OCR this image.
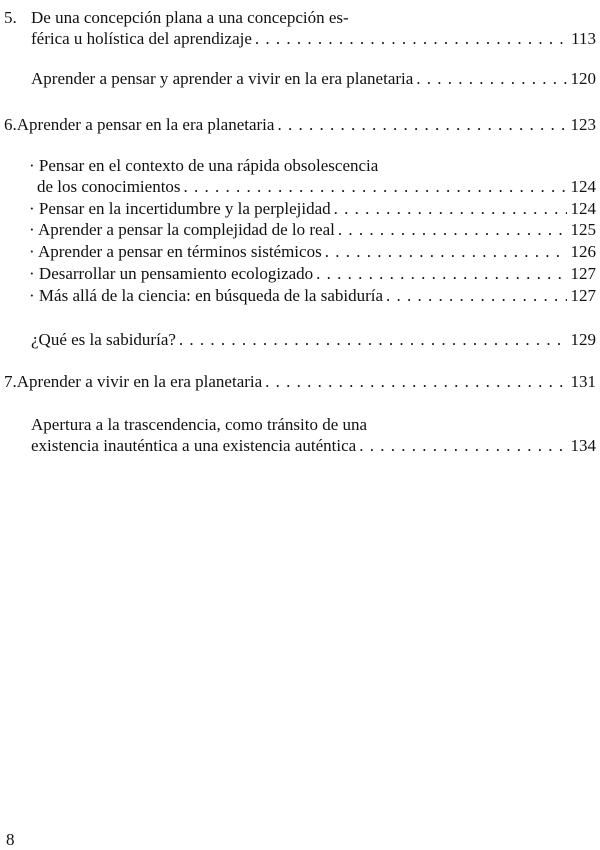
5. De una concepción plana a una concepción es-
férica u holística del aprendizaje . . .	113
Aprender a pensar y aprender a vivir en la era planetaria . . .	120
6. Aprender a pensar en la era planetaria . . .	123
· Pensar en el contexto de una rápida obsolescencia
de los conocimientos . . .	124
· Pensar en la incertidumbre y la perplejidad . . .	124
· Aprender a pensar la complejidad de lo real . . .	125
· Aprender a pensar en términos sistémicos . . .	126
· Desarrollar un pensamiento ecologizado . . .	127
· Más allá de la ciencia: en búsqueda de la sabiduría . . .	127
¿Qué es la sabiduría? . . .	129
7. Aprender a vivir en la era planetaria . . .	131
Apertura a la trascendencia, como tránsito de una
existencia inauténtica a una existencia auténtica . . .	134
8
